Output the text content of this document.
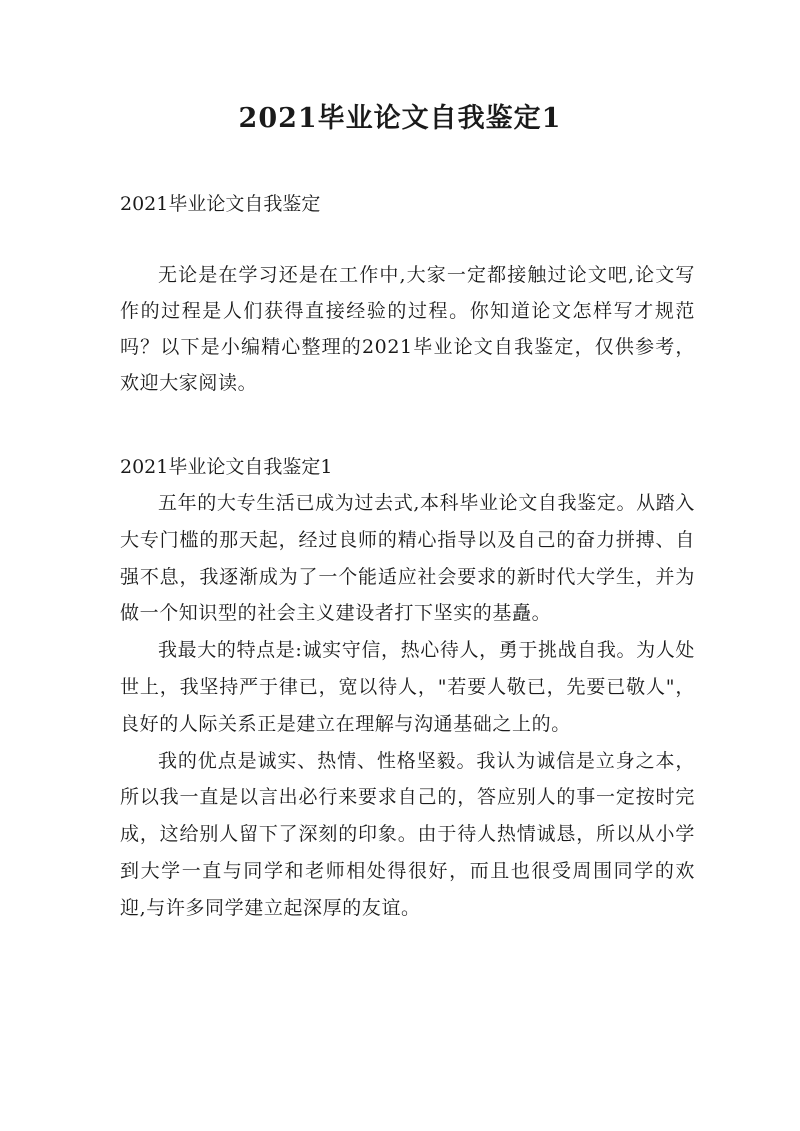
2021毕业论文自我鉴定1
2021毕业论文自我鉴定
无论是在学习还是在工作中,大家一定都接触过论文吧,论文写作的过程是人们获得直接经验的过程。你知道论文怎样写才规范吗？以下是小编精心整理的2021毕业论文自我鉴定，仅供参考，欢迎大家阅读。
2021毕业论文自我鉴定1

五年的大专生活已成为过去式,本科毕业论文自我鉴定。从踏入大专门槛的那天起，经过良师的精心指导以及自己的奋力拼搏、自强不息，我逐渐成为了一个能适应社会要求的新时代大学生，并为做一个知识型的社会主义建设者打下坚实的基矗。

我最大的特点是:诚实守信，热心待人，勇于挑战自我。为人处世上，我坚持严于律已，宽以待人，"若要人敬已，先要已敬人"，良好的人际关系正是建立在理解与沟通基础之上的。

我的优点是诚实、热情、性格坚毅。我认为诚信是立身之本，所以我一直是以言出必行来要求自己的，答应别人的事一定按时完成，这给别人留下了深刻的印象。由于待人热情诚恳，所以从小学到大学一直与同学和老师相处得很好，而且也很受周围同学的欢迎,与许多同学建立起深厚的友谊。
